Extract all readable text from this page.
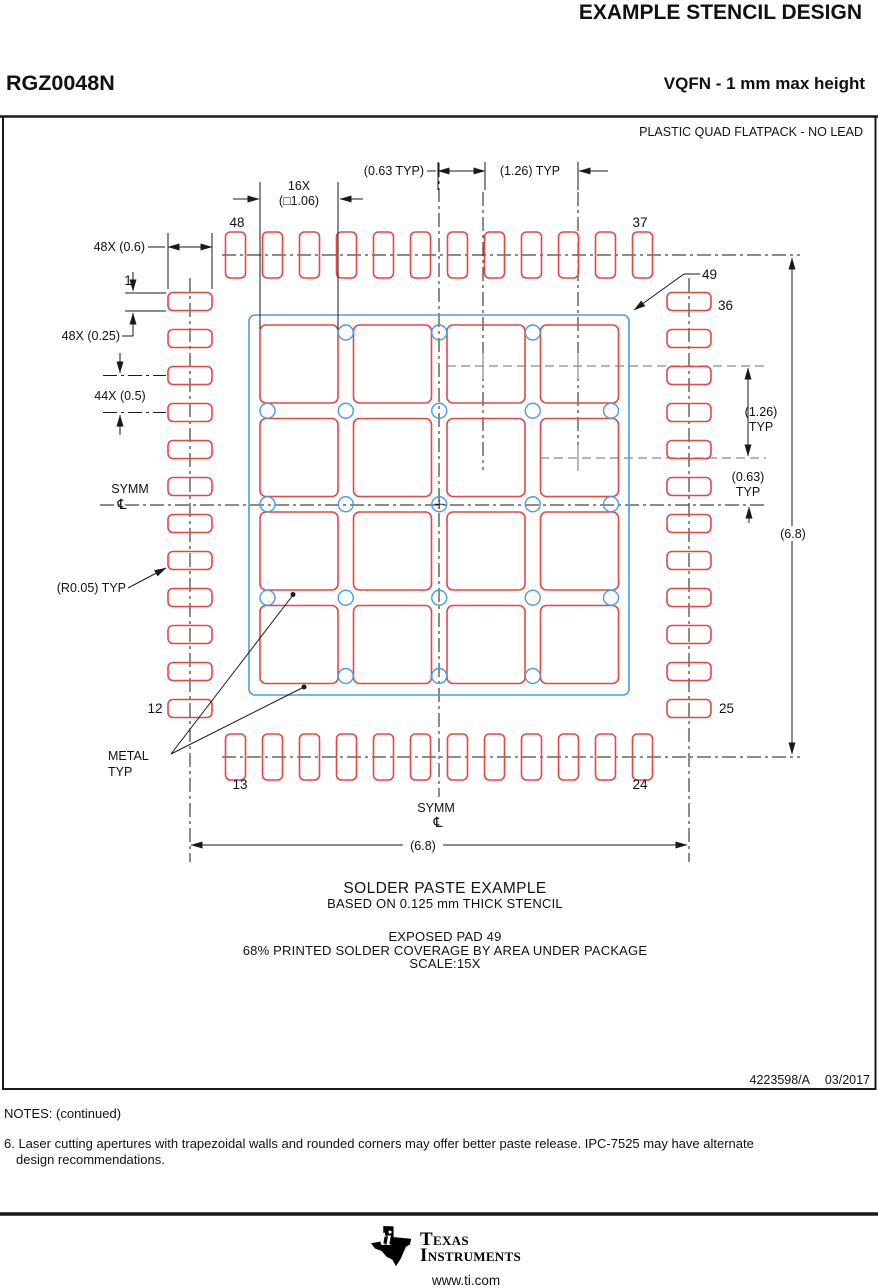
EXAMPLE STENCIL DESIGN
RGZ0048N	VQFN - 1 mm max height
PLASTIC QUAD FLATPACK - NO LEAD
16X
(□1.06)
(0.63 TYP)	(1.26) TYP
48X (0.6)
1
48X (0.25)
44X (0.5)
SYMM
℄
(R0.05) TYP
METAL
TYP
48	37
36
25
12
13	24
49
(1.26)
TYP
(0.63)
TYP
(6.8)
(6.8)
SYMM
℄
SOLDER PASTE EXAMPLE
BASED ON 0.125 mm THICK STENCIL
EXPOSED PAD 49
68% PRINTED SOLDER COVERAGE BY AREA UNDER PACKAGE
SCALE:15X
4223598/A 03/2017
NOTES: (continued)
6. Laser cutting apertures with trapezoidal walls and rounded corners may offer better paste release. IPC-7525 may have alternate
design recommendations.
ti Texas
Instruments
www.ti.com
